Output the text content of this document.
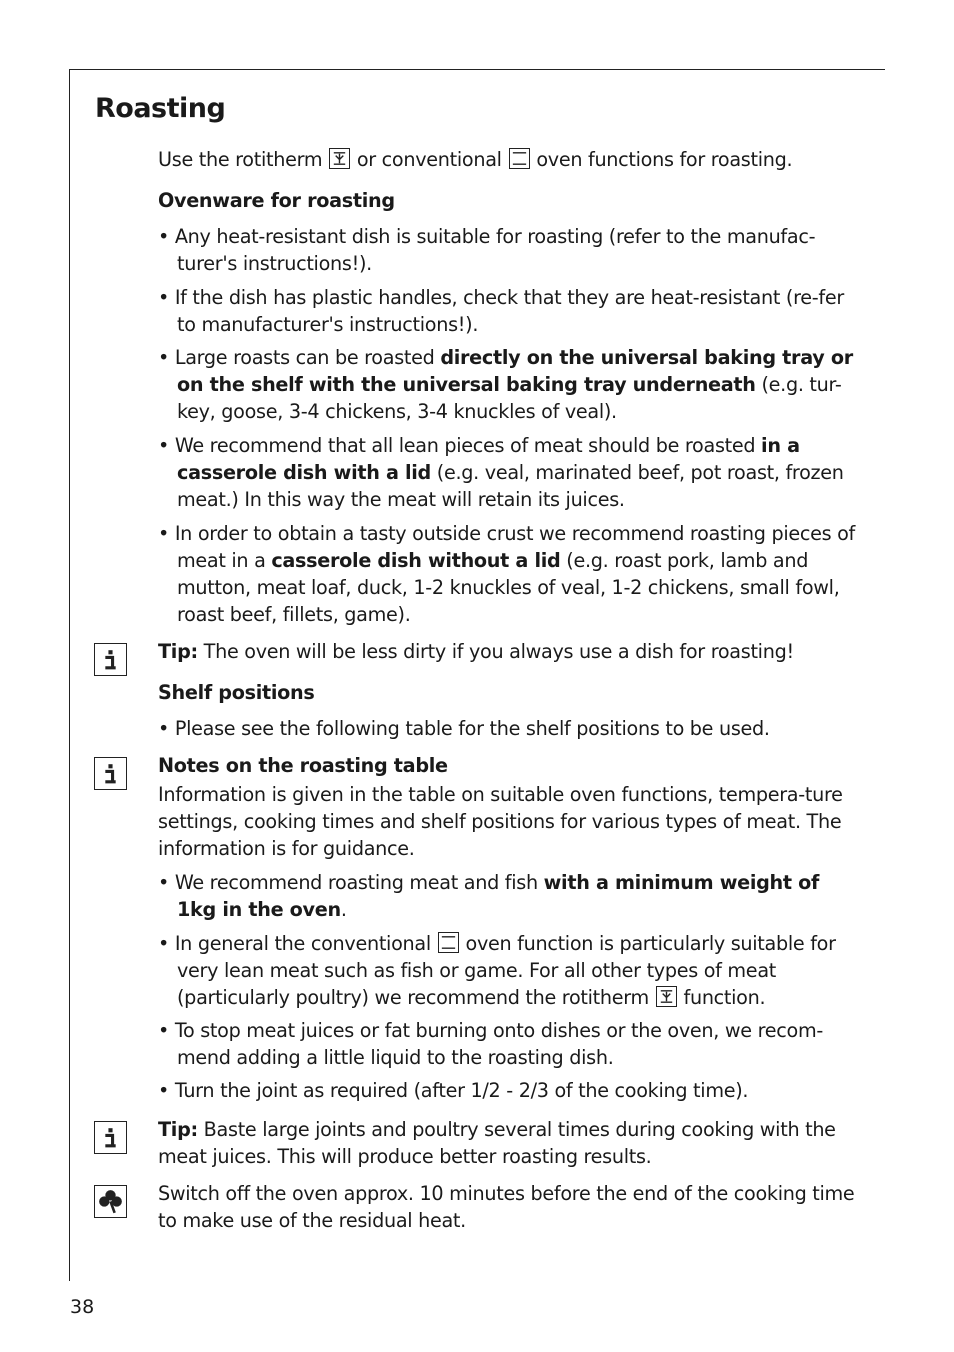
Roasting

Use the rotitherm or conventional oven functions for roasting.

Ovenware for roasting

• Any heat-resistant dish is suitable for roasting (refer to the manufac-turer's instructions!).

• If the dish has plastic handles, check that they are heat-resistant (re-fer to manufacturer's instructions!).

• Large roasts can be roasted directly on the universal baking tray or on the shelf with the universal baking tray underneath (e.g. tur-key, goose, 3-4 chickens, 3-4 knuckles of veal).

• We recommend that all lean pieces of meat should be roasted in a casserole dish with a lid (e.g. veal, marinated beef, pot roast, frozen meat.) In this way the meat will retain its juices.

• In order to obtain a tasty outside crust we recommend roasting pieces of meat in a casserole dish without a lid (e.g. roast pork, lamb and mutton, meat loaf, duck, 1-2 knuckles of veal, 1-2 chickens, small fowl, roast beef, fillets, game).

Tip: The oven will be less dirty if you always use a dish for roasting!

Shelf positions

• Please see the following table for the shelf positions to be used.

Notes on the roasting table

Information is given in the table on suitable oven functions, tempera-ture settings, cooking times and shelf positions for various types of meat. The information is for guidance.

• We recommend roasting meat and fish with a minimum weight of 1kg in the oven.

• In general the conventional oven function is particularly suitable for very lean meat such as fish or game. For all other types of meat (particularly poultry) we recommend the rotitherm function.

• To stop meat juices or fat burning onto dishes or the oven, we recom-mend adding a little liquid to the roasting dish.

• Turn the joint as required (after 1/2 - 2/3 of the cooking time).

Tip: Baste large joints and poultry several times during cooking with the meat juices. This will produce better roasting results.

Switch off the oven approx. 10 minutes before the end of the cooking time to make use of the residual heat.

38
